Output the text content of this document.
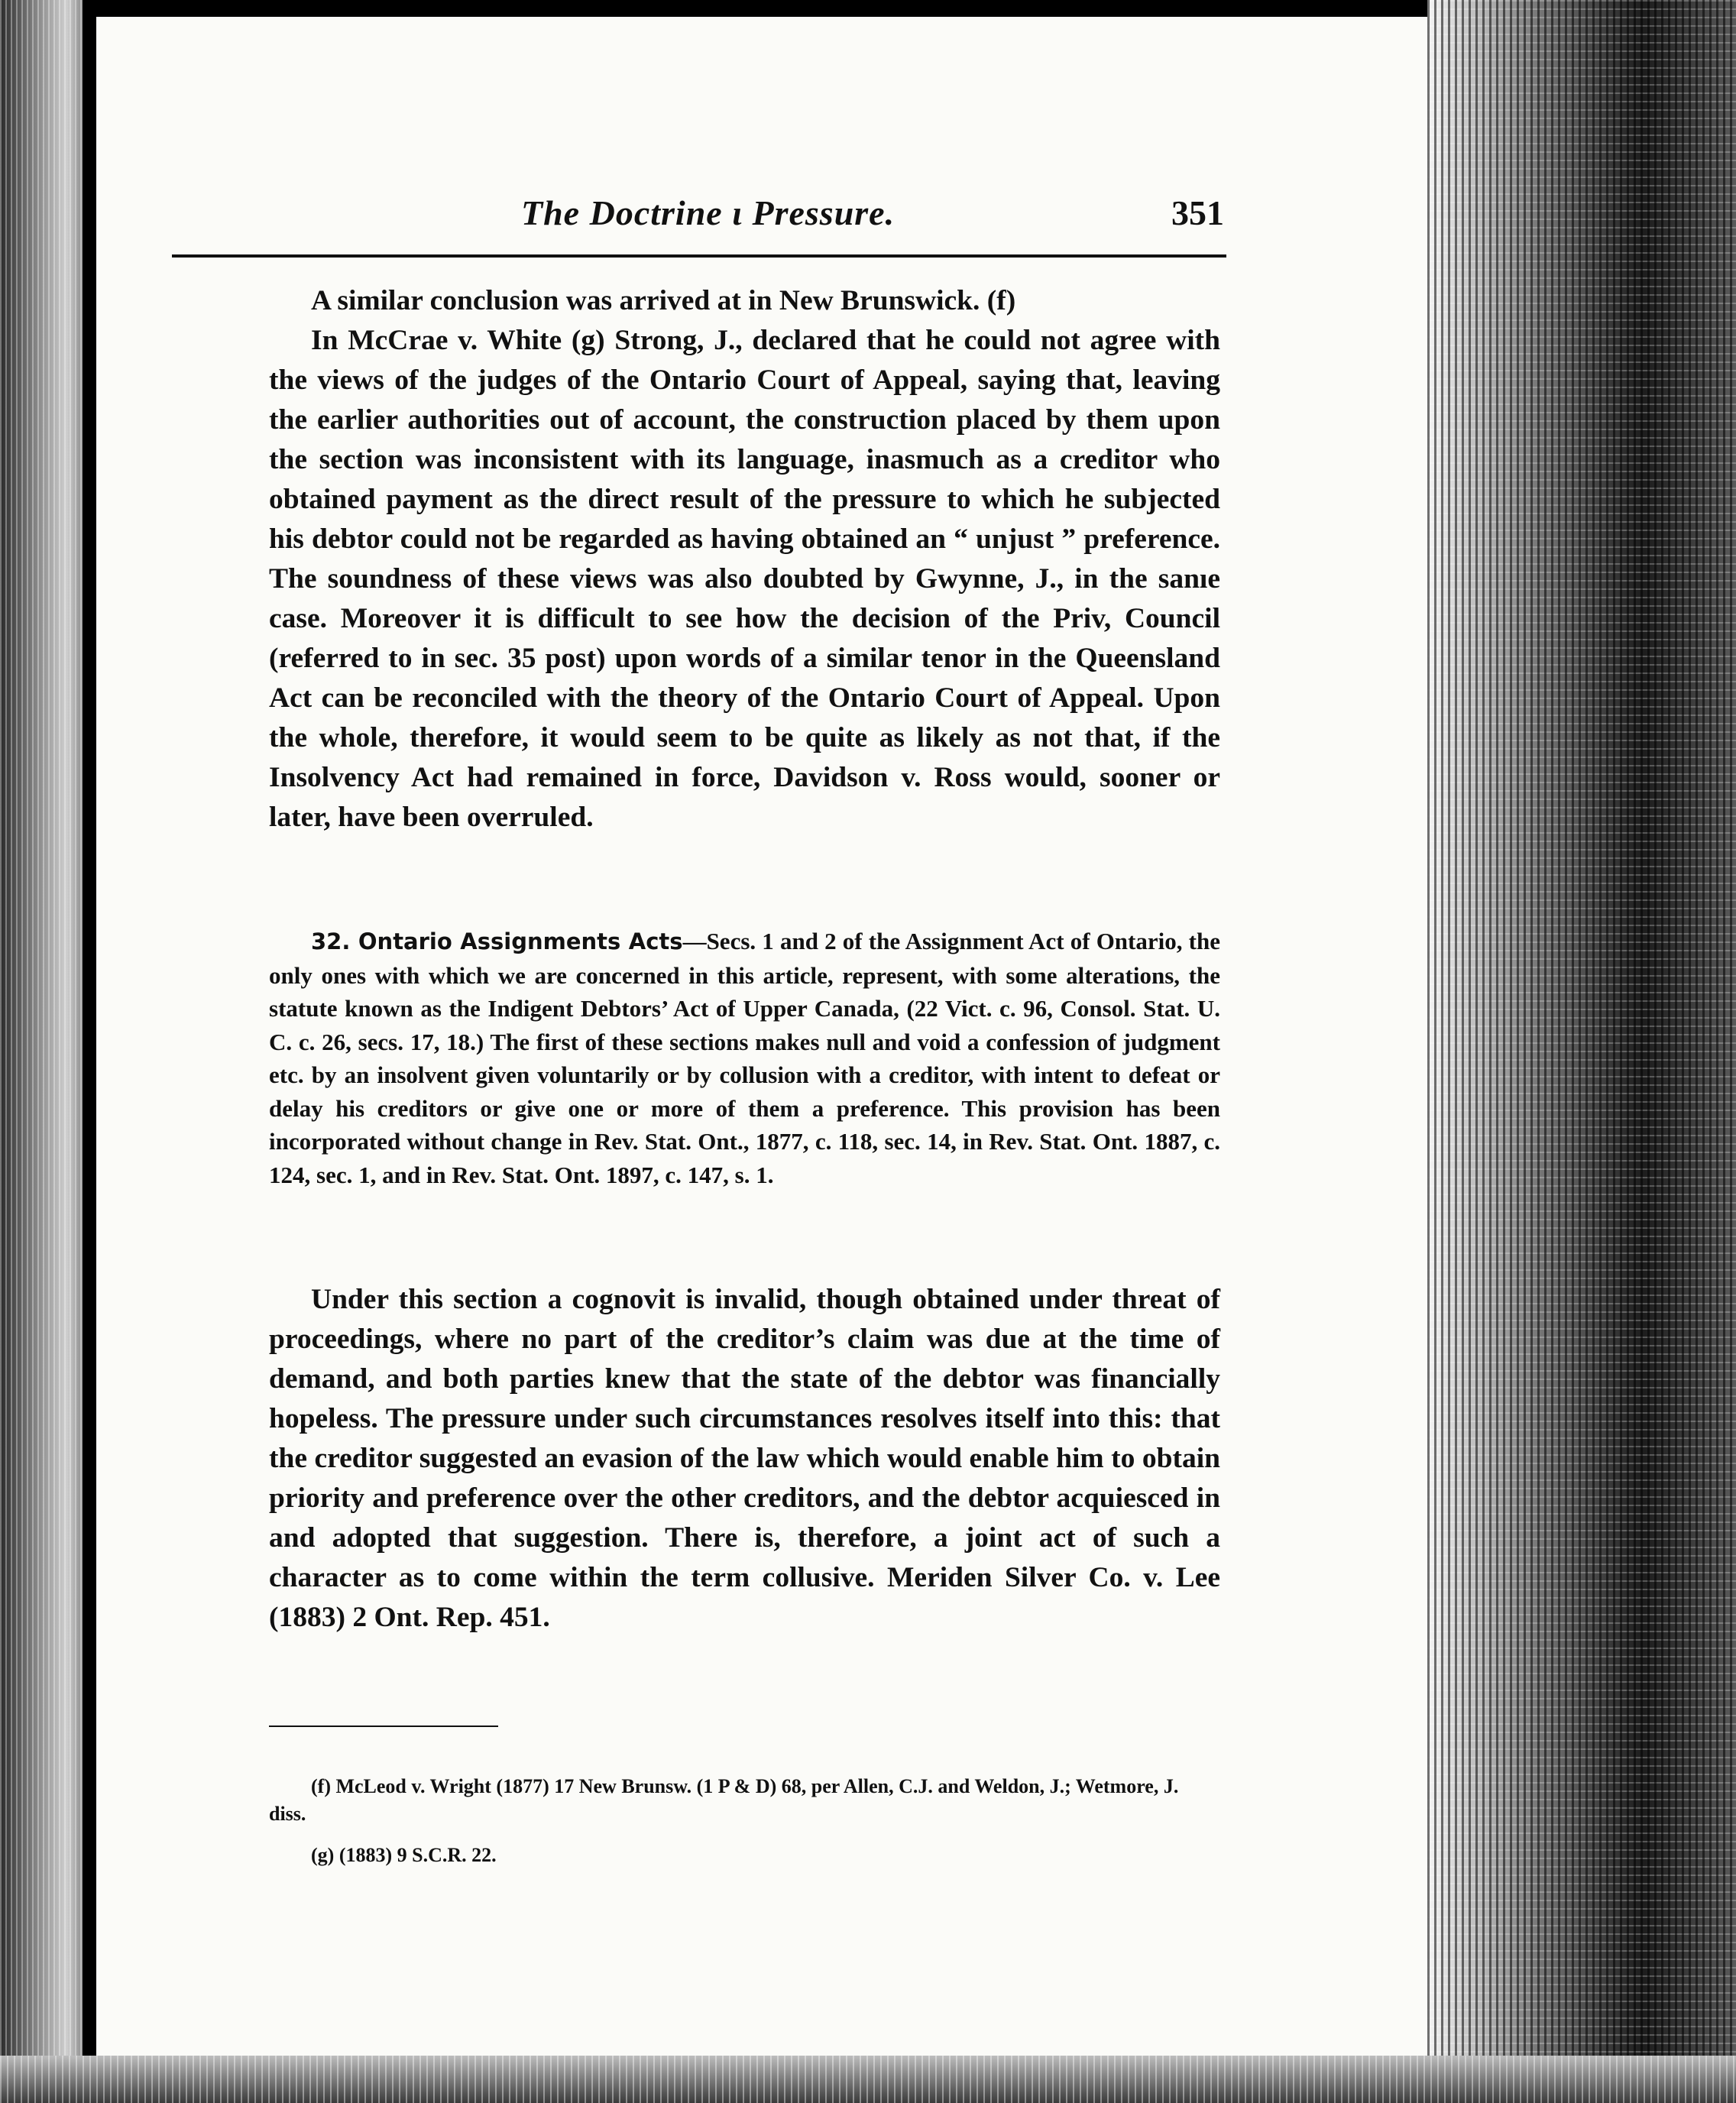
The Doctrine ι Pressure.	351

A similar conclusion was arrived at in New Brunswick. (f)

In McCrae v. White (g) Strong, J., declared that he could not agree with the views of the judges of the Ontario Court of Appeal, saying that, leaving the earlier authorities out of account, the construction placed by them upon the section was inconsistent with its language, inasmuch as a creditor who obtained payment as the direct result of the pressure to which he subjected his debtor could not be regarded as having obtained an “ unjust ” preference. The soundness of these views was also doubted by Gwynne, J., in the sanıe case. Moreover it is difficult to see how the decision of the Priv, Council (referred to in sec. 35 post) upon words of a similar tenor in the Queensland Act can be reconciled with the theory of the Ontario Court of Appeal. Upon the whole, therefore, it would seem to be quite as likely as not that, if the Insolvency Act had remained in force, Davidson v. Ross would, sooner or later, have been overruled.

32. Ontario Assignments Acts—Secs. 1 and 2 of the Assignment Act of Ontario, the only ones with which we are concerned in this article, represent, with some alterations, the statute known as the Indigent Debtors’ Act of Upper Canada, (22 Vict. c. 96, Consol. Stat. U. C. c. 26, secs. 17, 18.) The first of these sections makes null and void a confession of judgment etc. by an insolvent given voluntarily or by collusion with a creditor, with intent to defeat or delay his creditors or give one or more of them a preference. This provision has been incorporated without change in Rev. Stat. Ont., 1877, c. 118, sec. 14, in Rev. Stat. Ont. 1887, c. 124, sec. 1, and in Rev. Stat. Ont. 1897, c. 147, s. 1.

Under this section a cognovit is invalid, though obtained under threat of proceedings, where no part of the creditor’s claim was due at the time of demand, and both parties knew that the state of the debtor was financially hopeless. The pressure under such circumstances resolves itself into this: that the creditor suggested an evasion of the law which would enable him to obtain priority and preference over the other creditors, and the debtor acquiesced in and adopted that suggestion. There is, therefore, a joint act of such a character as to come within the term collusive. Meriden Silver Co. v. Lee (1883) 2 Ont. Rep. 451.

(f) McLeod v. Wright (1877) 17 New Brunsw. (1 P & D) 68, per Allen, C.J. and Weldon, J.; Wetmore, J. diss.

(g) (1883) 9 S.C.R. 22.
